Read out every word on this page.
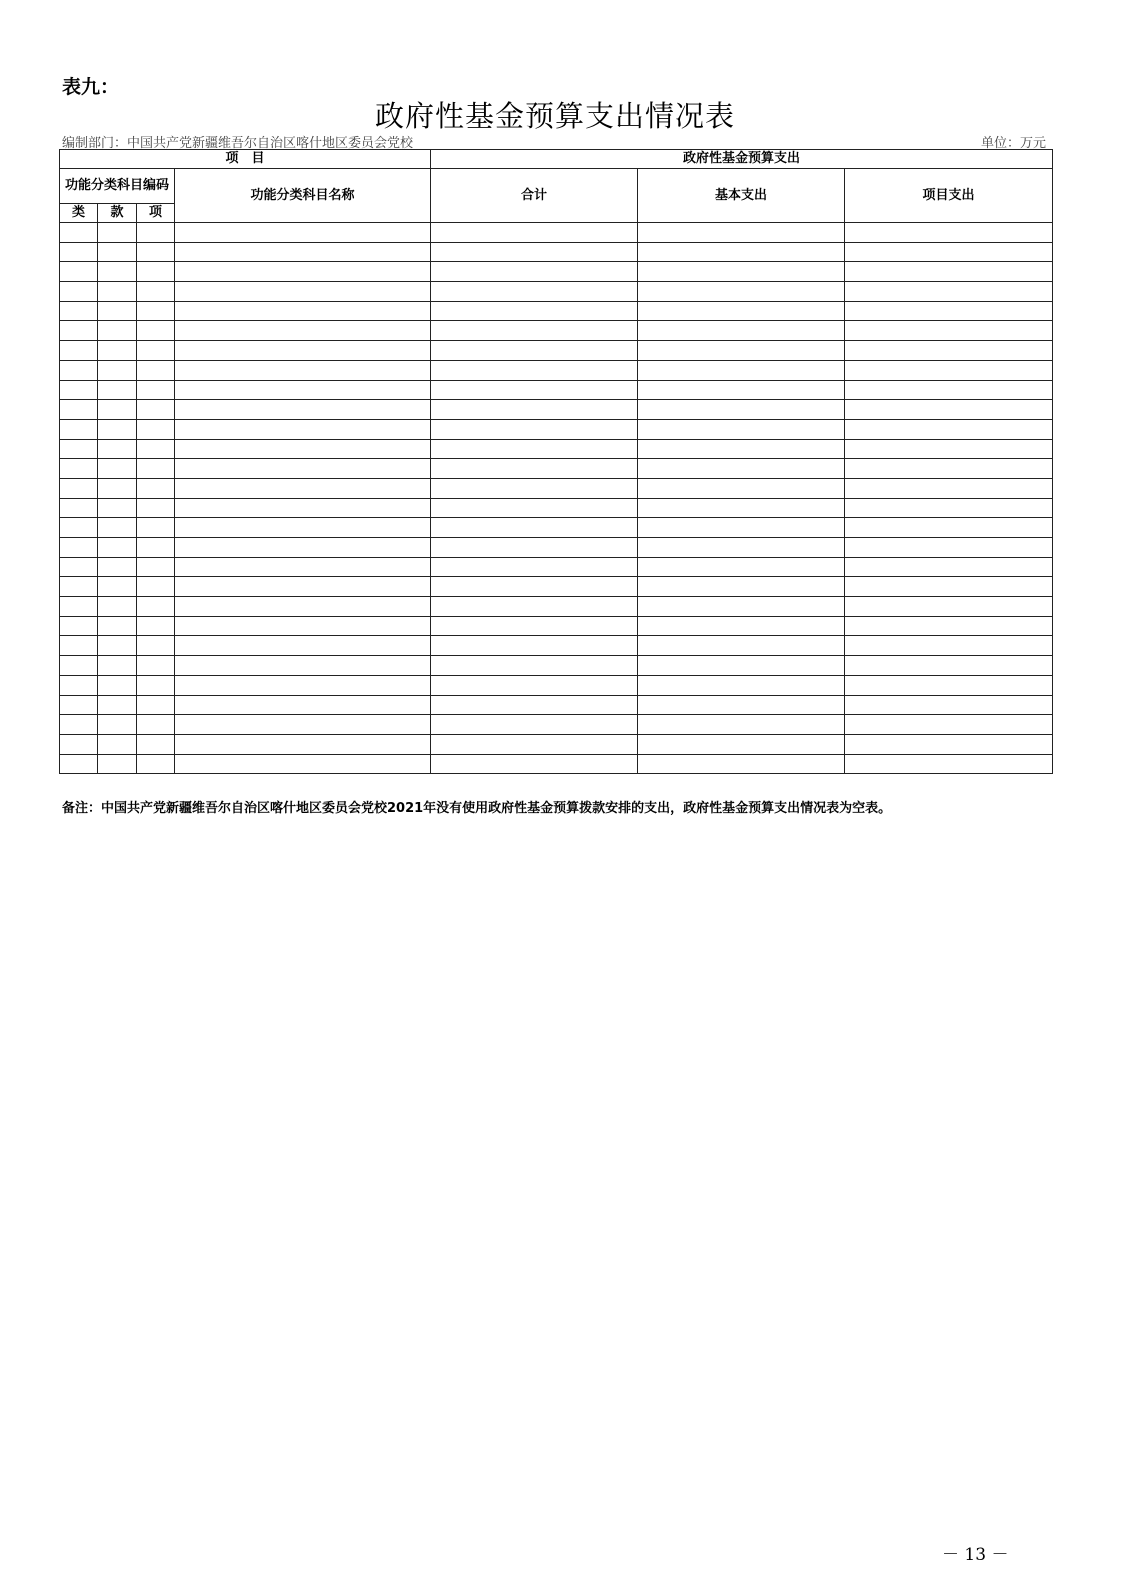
表九：
政府性基金预算支出情况表
编制部门：中国共产党新疆维吾尔自治区喀什地区委员会党校	单位：万元
项　目				政府性基金预算支出		
功能分类科目编码			功能分类科目名称	合计	基本支出	项目支出
类	款	项				

备注：中国共产党新疆维吾尔自治区喀什地区委员会党校2021年没有使用政府性基金预算拨款安排的支出，政府性基金预算支出情况表为空表。
－ 13 －
